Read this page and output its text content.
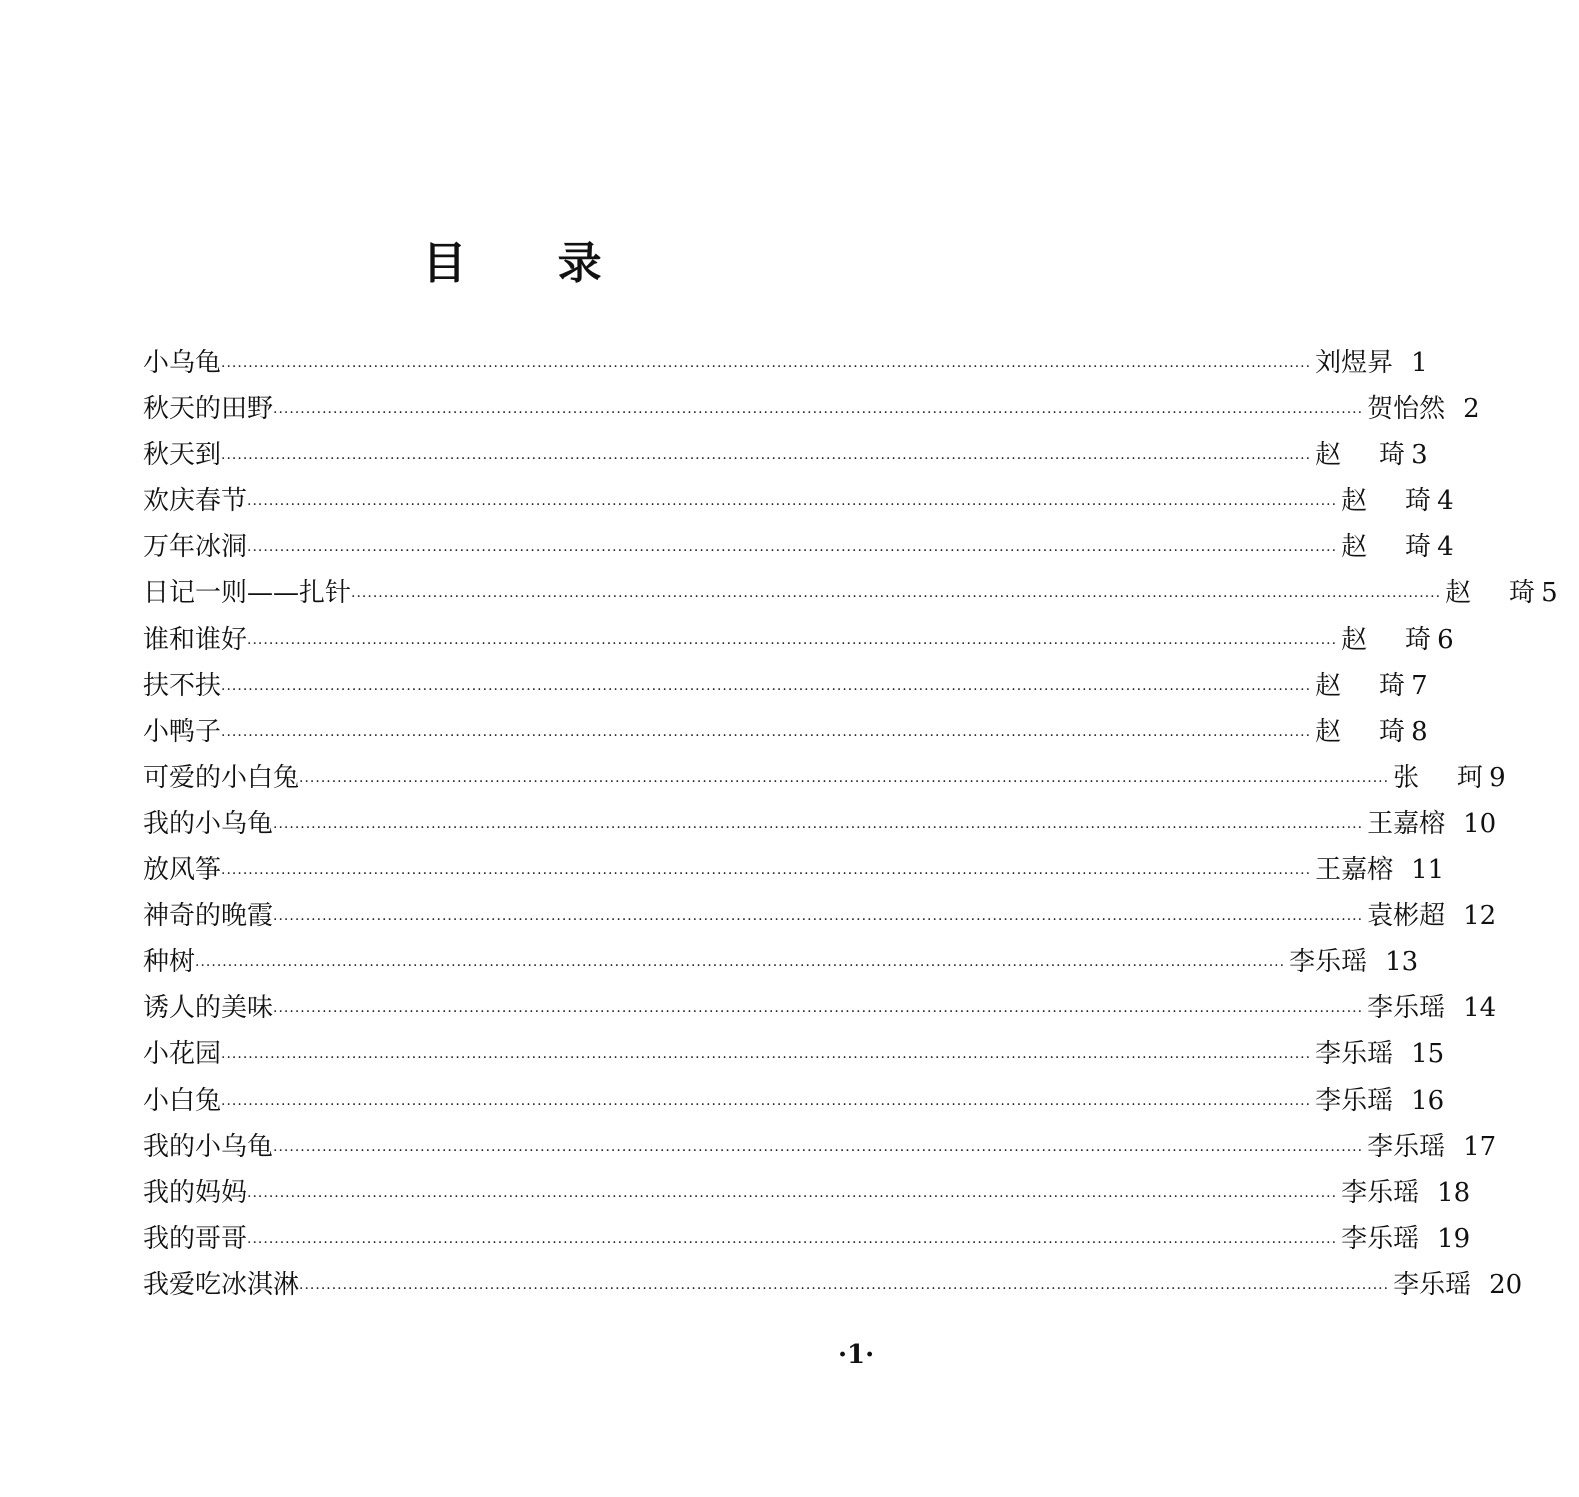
目 录
小乌龟 ········································································································································································································ 刘煜昇 1
秋天的田野 ········································································································································································································ 贺怡然 2
秋天到 ········································································································································································································ 赵 琦 3
欢庆春节 ········································································································································································································ 赵 琦 4
万年冰洞 ········································································································································································································ 赵 琦 4
日记一则——扎针 ········································································································································································································ 赵 琦 5
谁和谁好 ········································································································································································································ 赵 琦 6
扶不扶 ········································································································································································································ 赵 琦 7
小鸭子 ········································································································································································································ 赵 琦 8
可爱的小白兔 ········································································································································································································ 张 珂 9
我的小乌龟 ········································································································································································································ 王嘉榕 10
放风筝 ········································································································································································································ 王嘉榕 11
神奇的晚霞 ········································································································································································································ 袁彬超 12
种树 ········································································································································································································ 李乐瑶 13
诱人的美味 ········································································································································································································ 李乐瑶 14
小花园 ········································································································································································································ 李乐瑶 15
小白兔 ········································································································································································································ 李乐瑶 16
我的小乌龟 ········································································································································································································ 李乐瑶 17
我的妈妈 ········································································································································································································ 李乐瑶 18
我的哥哥 ········································································································································································································ 李乐瑶 19
我爱吃冰淇淋 ········································································································································································································ 李乐瑶 20
·1·
